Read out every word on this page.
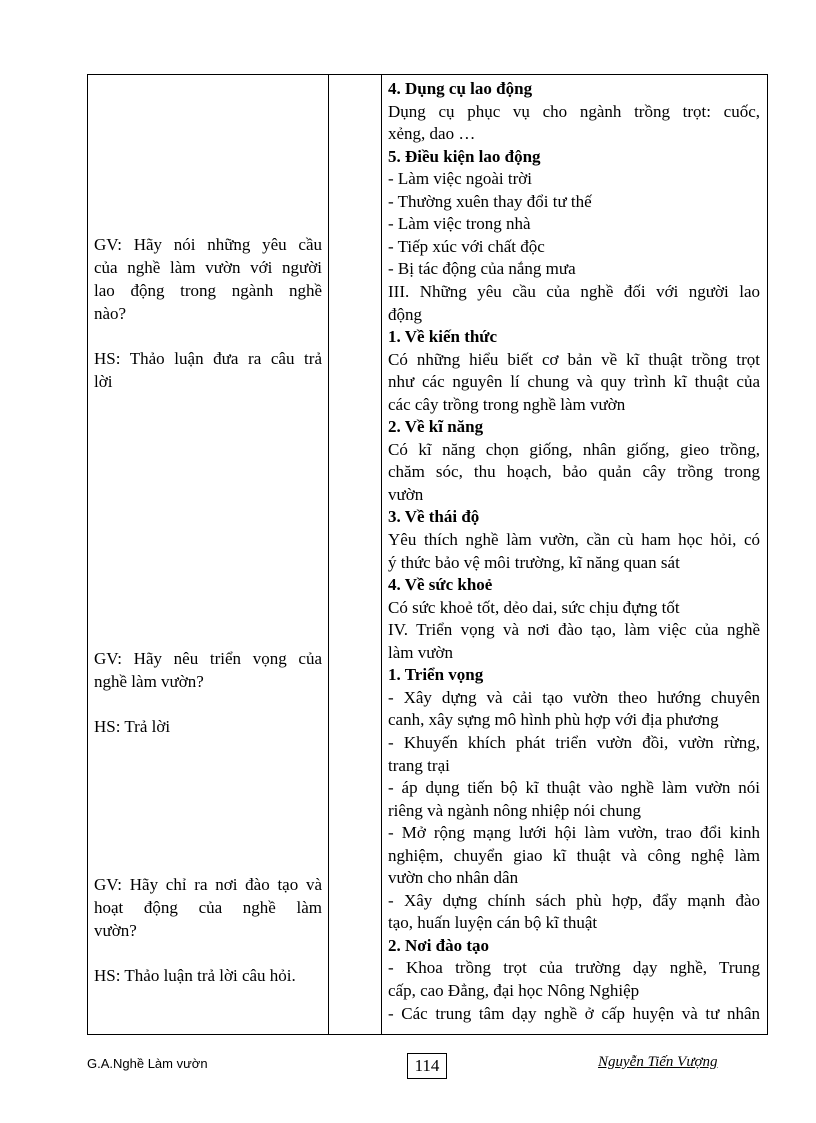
GV: Hãy nói những yêu cầu
của nghề làm vườn với người
lao động trong ngành nghề
nào?
HS: Thảo luận đưa ra câu trả
lời
GV: Hãy nêu triển vọng của
nghề làm vườn?
HS: Trả lời
GV: Hãy chỉ ra nơi đào tạo và
hoạt động của nghề làm
vườn?
HS: Thảo luận trả lời câu hỏi.

4. Dụng cụ lao động
Dụng cụ phục vụ cho ngành trồng trọt: cuốc,
xẻng, dao …
5. Điều kiện lao động
- Làm việc ngoài trời
- Thường xuên thay đổi tư thế
- Làm việc trong nhà
- Tiếp xúc với chất độc
- Bị tác động của nắng mưa
III. Những yêu cầu của nghề đối với người lao
động
1. Về kiến thức
Có những hiểu biết cơ bản về kĩ thuật trồng trọt
như các nguyên lí chung và quy trình kĩ thuật của
các cây trồng trong nghề làm vườn
2. Về kĩ năng
Có kĩ năng chọn giống, nhân giống, gieo trồng,
chăm sóc, thu hoạch, bảo quản cây trồng trong
vườn
3. Về thái độ
Yêu thích nghề làm vườn, cần cù ham học hỏi, có
ý thức bảo vệ môi trường, kĩ năng quan sát
4. Về sức khoẻ
Có sức khoẻ tốt, dẻo dai, sức chịu đựng tốt
IV. Triển vọng và nơi đào tạo, làm việc của nghề
làm vườn
1. Triển vọng
- Xây dựng và cải tạo vườn theo hướng chuyên
canh, xây sựng mô hình phù hợp với địa phương
- Khuyến khích phát triển vườn đồi, vườn rừng,
trang trại
- áp dụng tiến bộ kĩ thuật vào nghề làm vườn nói
riêng và ngành nông nhiệp nói chung
- Mở rộng mạng lưới hội làm vườn, trao đổi kinh
nghiệm, chuyển giao kĩ thuật và công nghệ làm
vườn cho nhân dân
- Xây dựng chính sách phù hợp, đẩy mạnh đào
tạo, huấn luyện cán bộ kĩ thuật
2. Nơi đào tạo
- Khoa trồng trọt của trường dạy nghề, Trung
cấp, cao Đẳng, đại học Nông Nghiệp
- Các trung tâm dạy nghề ở cấp huyện và tư nhân
G.A.Nghề Làm vườn	114	Nguyễn Tiến Vượng
